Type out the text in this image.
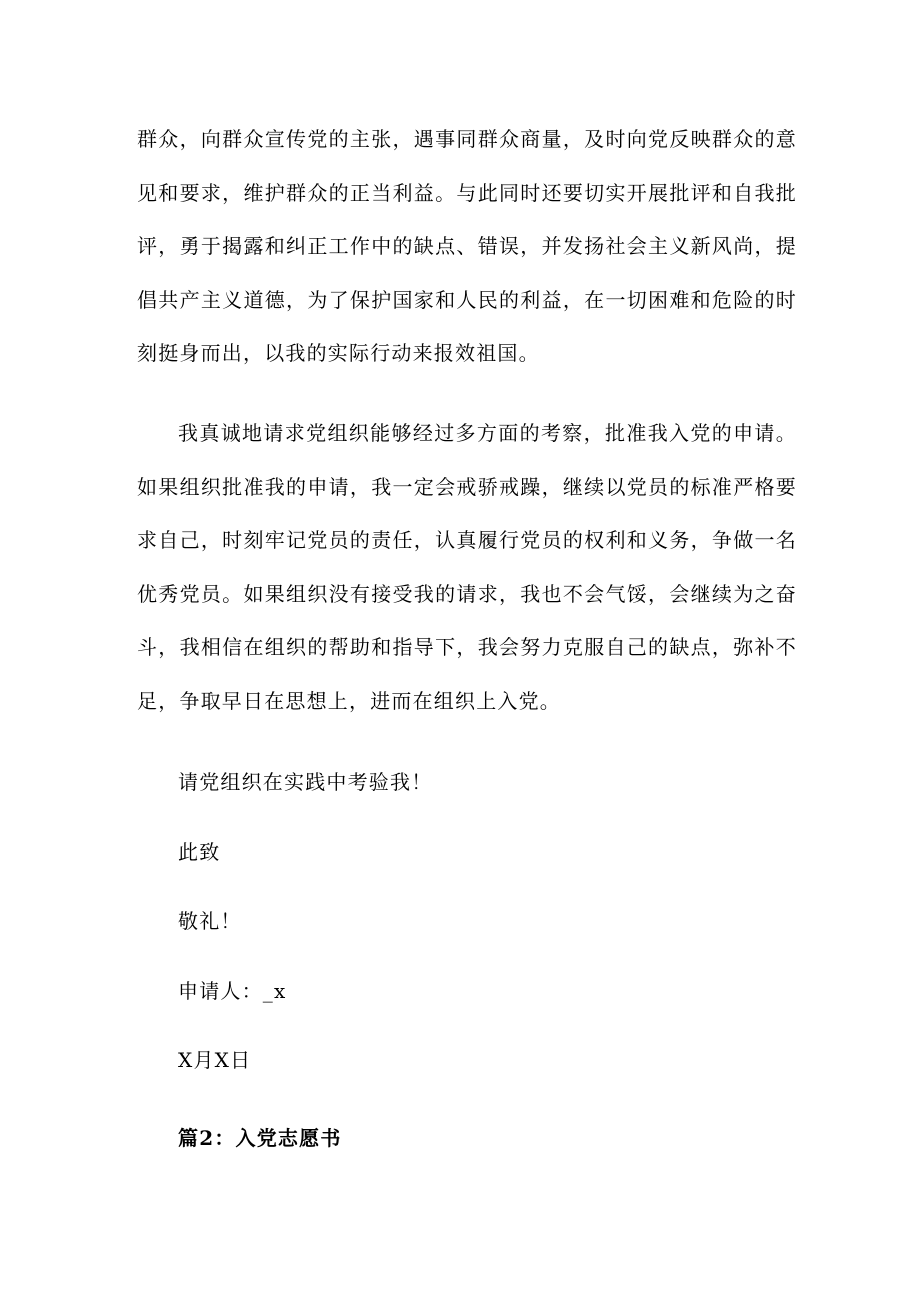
群众，向群众宣传党的主张，遇事同群众商量，及时向党反映群众的意见和要求，维护群众的正当利益。与此同时还要切实开展批评和自我批评，勇于揭露和纠正工作中的缺点、错误，并发扬社会主义新风尚，提倡共产主义道德，为了保护国家和人民的利益，在一切困难和危险的时刻挺身而出，以我的实际行动来报效祖国。

我真诚地请求党组织能够经过多方面的考察，批准我入党的申请。如果组织批准我的申请，我一定会戒骄戒躁，继续以党员的标准严格要求自己，时刻牢记党员的责任，认真履行党员的权利和义务，争做一名优秀党员。如果组织没有接受我的请求，我也不会气馁，会继续为之奋斗，我相信在组织的帮助和指导下，我会努力克服自己的缺点，弥补不足，争取早日在思想上，进而在组织上入党。

请党组织在实践中考验我！

此致

敬礼！

申请人：_x

X月X日

篇2：入党志愿书
